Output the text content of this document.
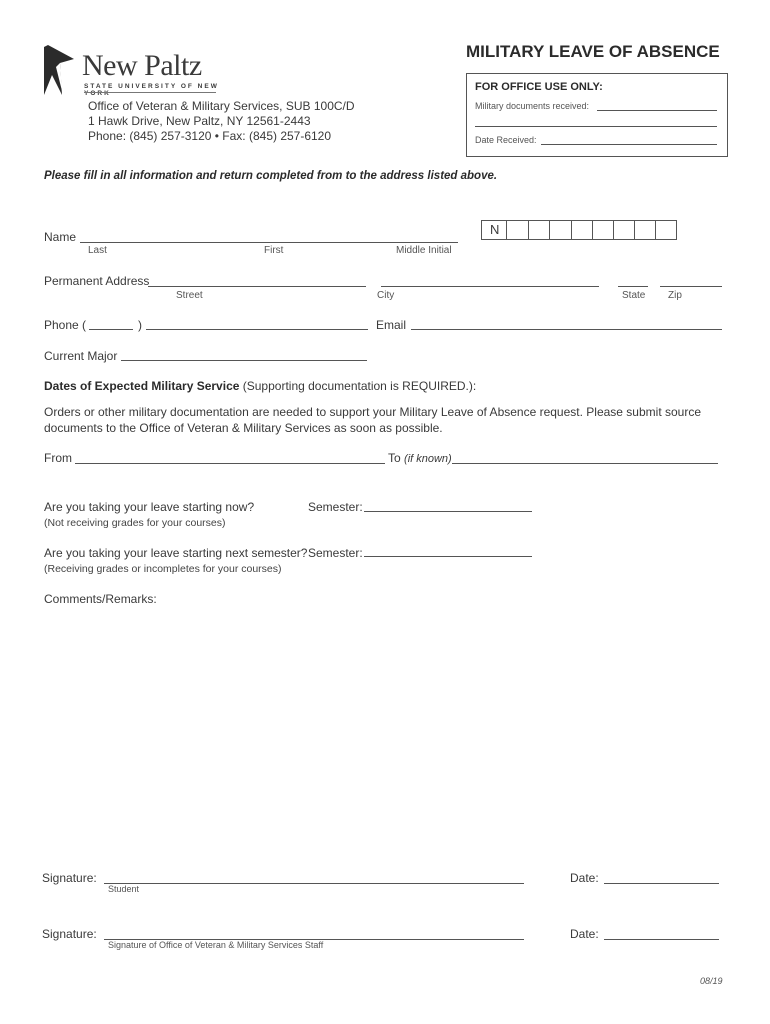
New Paltz
STATE UNIVERSITY OF NEW YORK
Office of Veteran & Military Services, SUB 100C/D
1 Hawk Drive, New Paltz, NY 12561-2443
Phone: (845) 257-3120 • Fax: (845) 257-6120
MILITARY LEAVE OF ABSENCE
FOR OFFICE USE ONLY:
Military documents received:
Date Received:
Please fill in all information and return completed from to the address listed above.
Name
Last	First	Middle Initial
N
Permanent Address
Street	City	State Zip
Phone (	)	Email
Current Major
Dates of Expected Military Service (Supporting documentation is REQUIRED.):
Orders or other military documentation are needed to support your Military Leave of Absence request. Please submit source
documents to the Office of Veteran & Military Services as soon as possible.
From	To (if known)
Are you taking your leave starting now?
(Not receiving grades for your courses)
Semester:
Are you taking your leave starting next semester?
(Receiving grades or incompletes for your courses)
Semester:
Comments/Remarks:
Signature:
Student
Date:
Signature:
Signature of Office of Veteran & Military Services Staff
Date:
08/19
